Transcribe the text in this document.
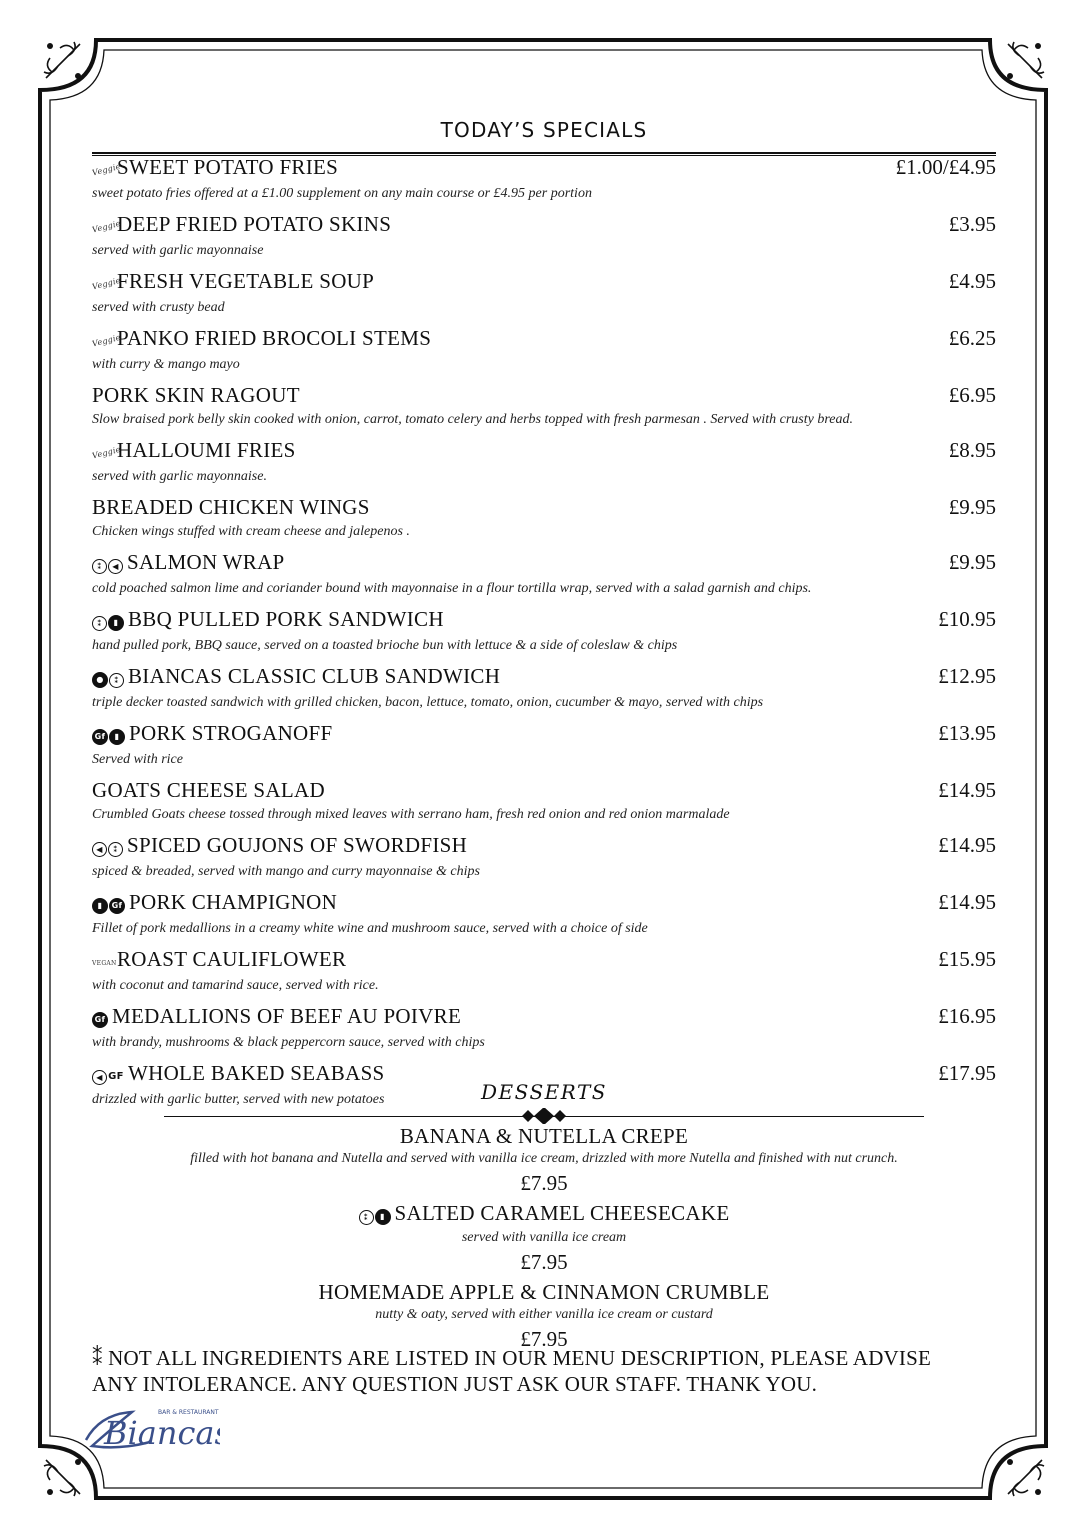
TODAY’S SPECIALS
VeggieSWEET POTATO FRIES	£1.00/£4.95
sweet potato fries offered at a £1.00 supplement on any main course or £4.95 per portion
VeggieDEEP FRIED POTATO SKINS	£3.95
served with garlic mayonnaise
VeggieFRESH VEGETABLE SOUP	£4.95
served with crusty bead
VeggiePANKO FRIED BROCOLI STEMS	£6.25
with curry & mango mayo
PORK SKIN RAGOUT	£6.95
Slow braised pork belly skin cooked with onion, carrot, tomato celery and herbs topped with fresh parmesan . Served with crusty bread.
VeggieHALLOUMI FRIES	£8.95
served with garlic mayonnaise.
BREADED CHICKEN WINGS	£9.95
Chicken wings stuffed with cream cheese and jalepenos .
⁑ ◀ SALMON WRAP	£9.95
cold poached salmon lime and coriander bound with mayonnaise in a flour tortilla wrap, served with a salad garnish and chips.
⁑ ▮ BBQ PULLED PORK SANDWICH	£10.95
hand pulled pork, BBQ sauce, served on a toasted brioche bun with lettuce & a side of coleslaw & chips
● ⁑ BIANCAS CLASSIC CLUB SANDWICH	£12.95
triple decker toasted sandwich with grilled chicken, bacon, lettuce, tomato, onion, cucumber & mayo, served with chips
Gf ▮ PORK STROGANOFF	£13.95
Served with rice
GOATS CHEESE SALAD	£14.95
Crumbled Goats cheese tossed through mixed leaves with serrano ham, fresh red onion and red onion marmalade
◀ ⁑ SPICED GOUJONS OF SWORDFISH	£14.95
spiced & breaded, served with mango and curry mayonnaise & chips
▮ Gf PORK CHAMPIGNON	£14.95
Fillet of pork medallions in a creamy white wine and mushroom sauce, served with a choice of side
VEGANROAST CAULIFLOWER	£15.95
with coconut and tamarind sauce, served with rice.
Gf MEDALLIONS OF BEEF AU POIVRE	£16.95
with brandy, mushrooms & black peppercorn sauce, served with chips
◀ GF WHOLE BAKED SEABASS	£17.95
drizzled with garlic butter, served with new potatoes	DESSERTS
BANANA & NUTELLA CREPE
filled with hot banana and Nutella and served with vanilla ice cream, drizzled with more Nutella and finished with nut crunch.
£7.95
⁑ ▮ SALTED CARAMEL CHEESECAKE
served with vanilla ice cream
£7.95
HOMEMADE APPLE & CINNAMON CRUMBLE
nutty & oaty, served with either vanilla ice cream or custard
£7.95
⁑ NOT ALL INGREDIENTS ARE LISTED IN OUR MENU DESCRIPTION, PLEASE ADVISE
ANY INTOLERANCE. ANY QUESTION JUST ASK OUR STAFF. THANK YOU.
Biancas
BAR & RESTAURANT
